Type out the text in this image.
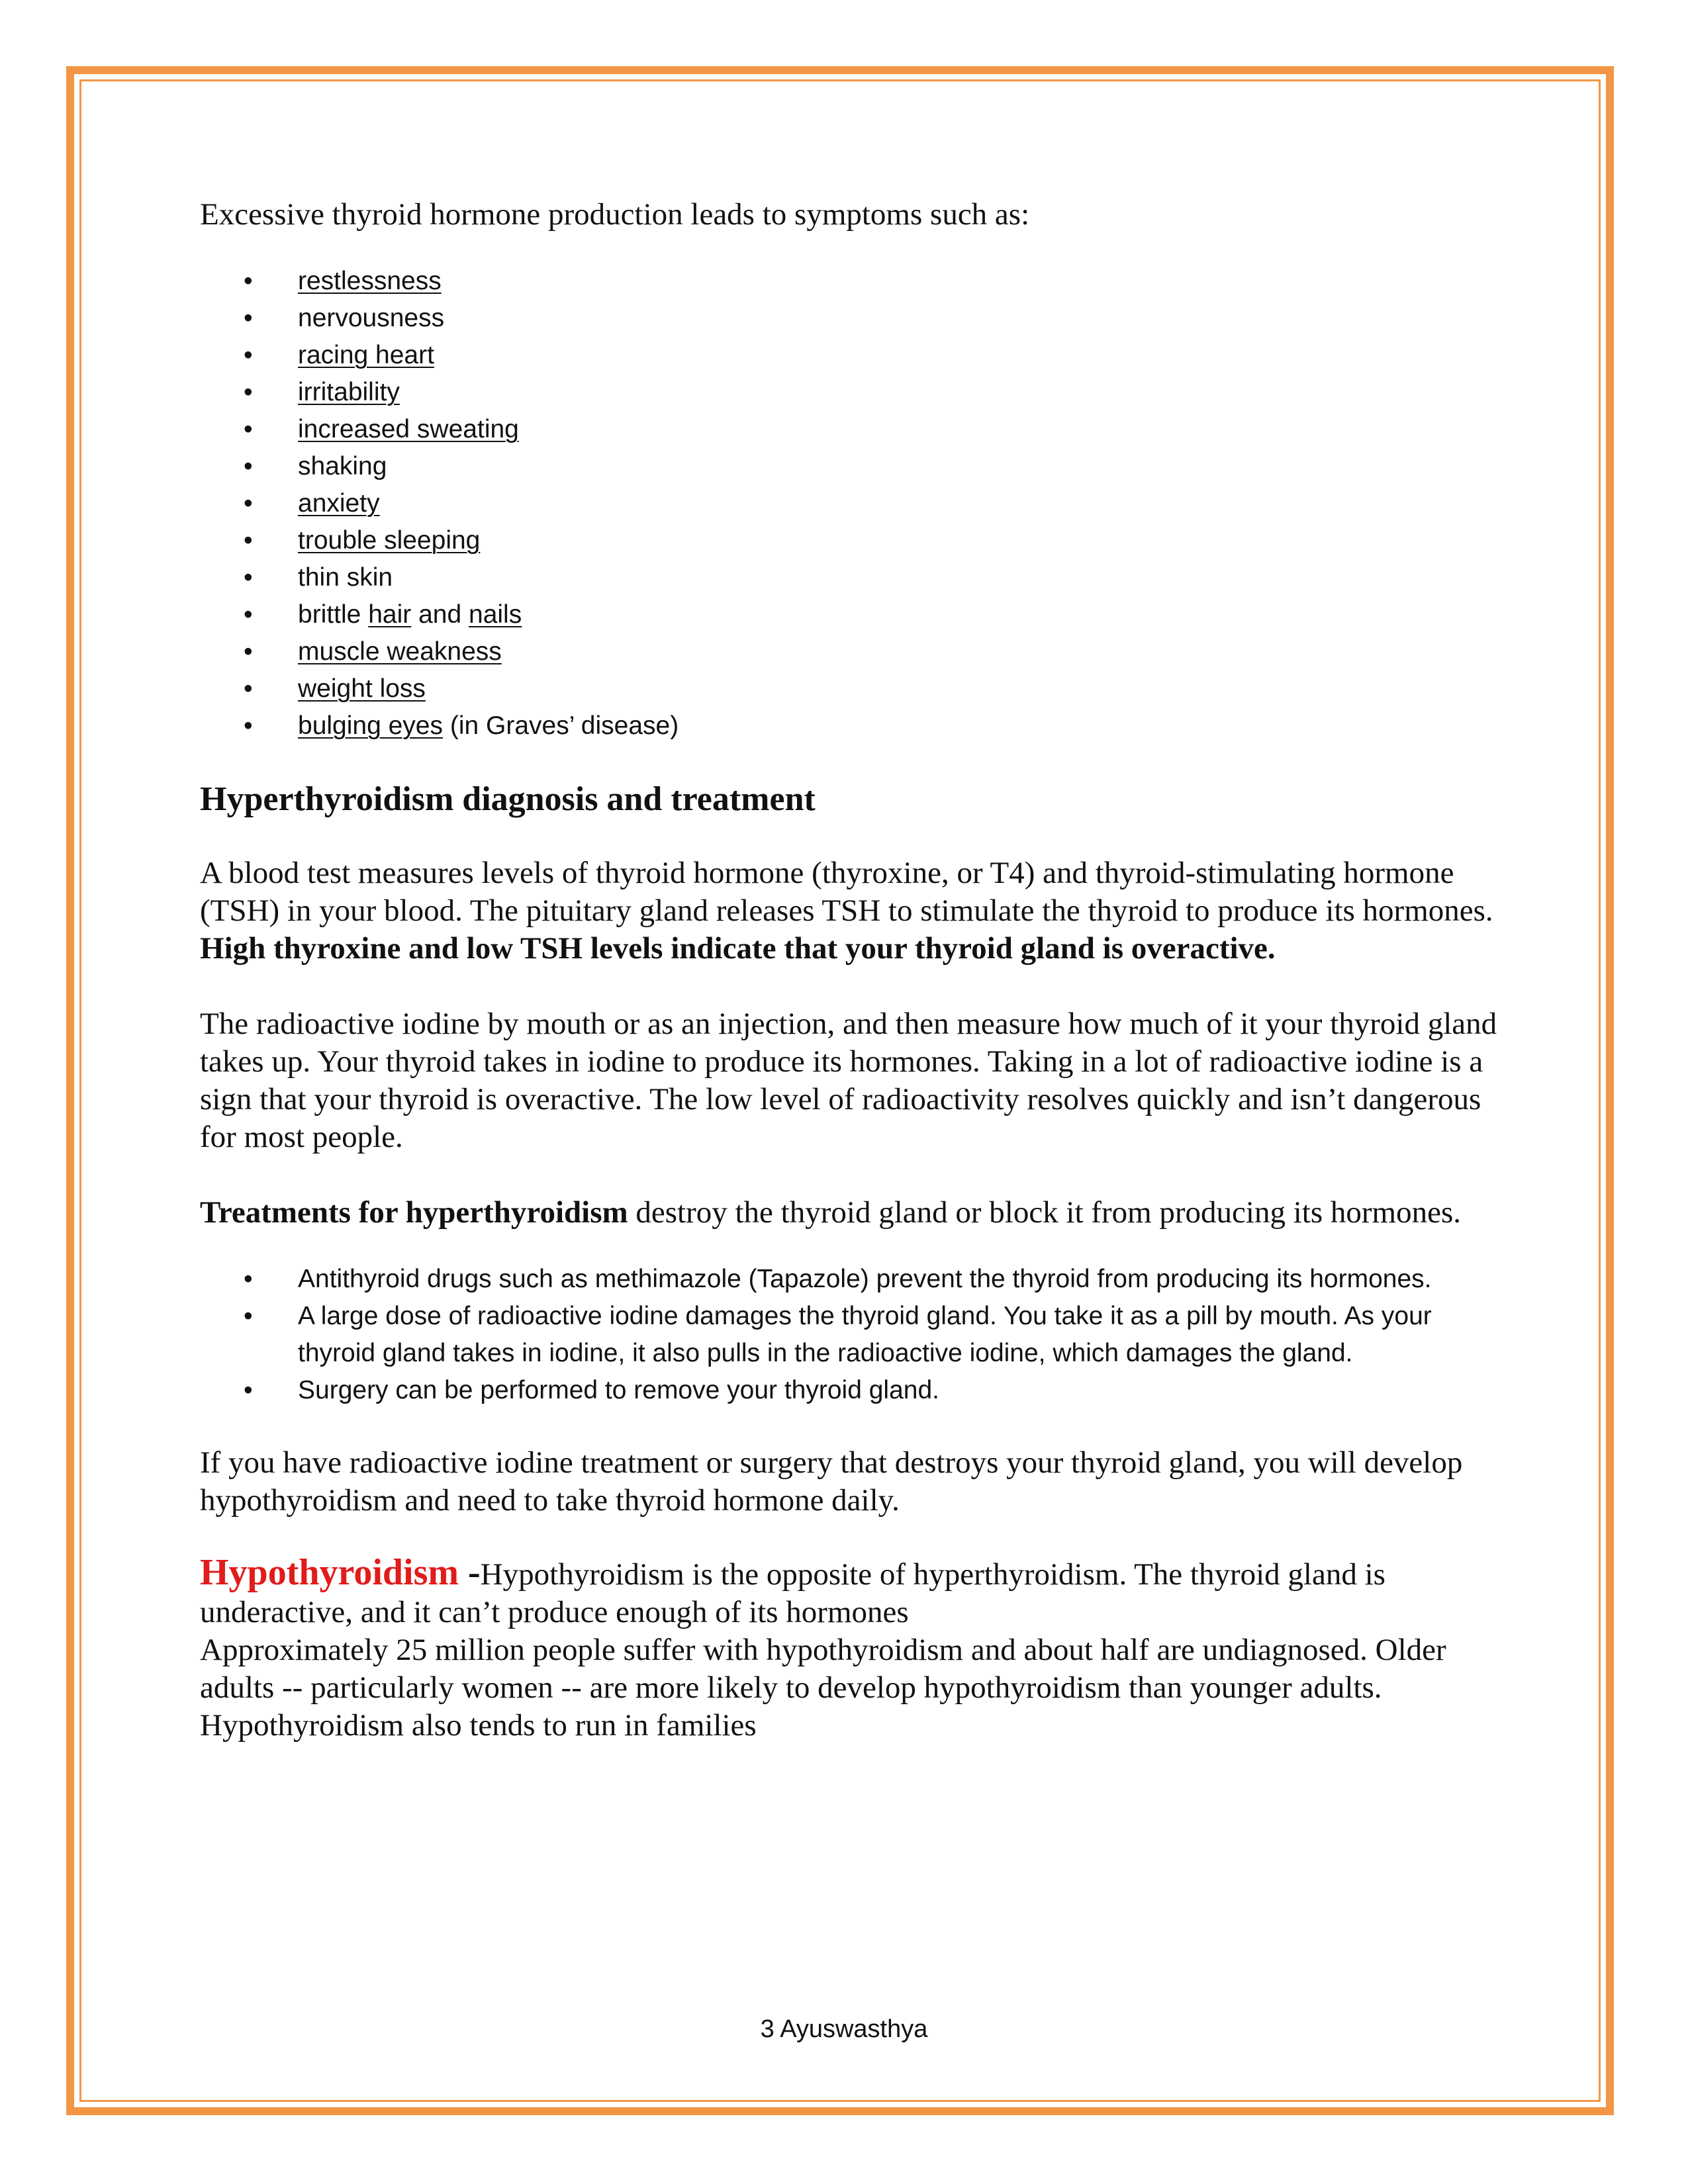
Excessive thyroid hormone production leads to symptoms such as:

• restlessness
• nervousness
• racing heart
• irritability
• increased sweating
• shaking
• anxiety
• trouble sleeping
• thin skin
• brittle hair and nails
• muscle weakness
• weight loss
• bulging eyes (in Graves’ disease)
Hyperthyroidism diagnosis and treatment

A blood test measures levels of thyroid hormone (thyroxine, or T4) and thyroid-stimulating hormone (TSH) in your blood. The pituitary gland releases TSH to stimulate the thyroid to produce its hormones. High thyroxine and low TSH levels indicate that your thyroid gland is overactive.

The radioactive iodine by mouth or as an injection, and then measure how much of it your thyroid gland takes up. Your thyroid takes in iodine to produce its hormones. Taking in a lot of radioactive iodine is a sign that your thyroid is overactive. The low level of radioactivity resolves quickly and isn’t dangerous for most people.

Treatments for hyperthyroidism destroy the thyroid gland or block it from producing its hormones.

• Antithyroid drugs such as methimazole (Tapazole) prevent the thyroid from producing its hormones.
• A large dose of radioactive iodine damages the thyroid gland. You take it as a pill by mouth. As your thyroid gland takes in iodine, it also pulls in the radioactive iodine, which damages the gland.
• Surgery can be performed to remove your thyroid gland.

If you have radioactive iodine treatment or surgery that destroys your thyroid gland, you will develop hypothyroidism and need to take thyroid hormone daily.

Hypothyroidism -Hypothyroidism is the opposite of hyperthyroidism. The thyroid gland is underactive, and it can’t produce enough of its hormones

Approximately 25 million people suffer with hypothyroidism and about half are undiagnosed. Older adults -- particularly women -- are more likely to develop hypothyroidism than younger adults. Hypothyroidism also tends to run in families

3 Ayuswasthya
